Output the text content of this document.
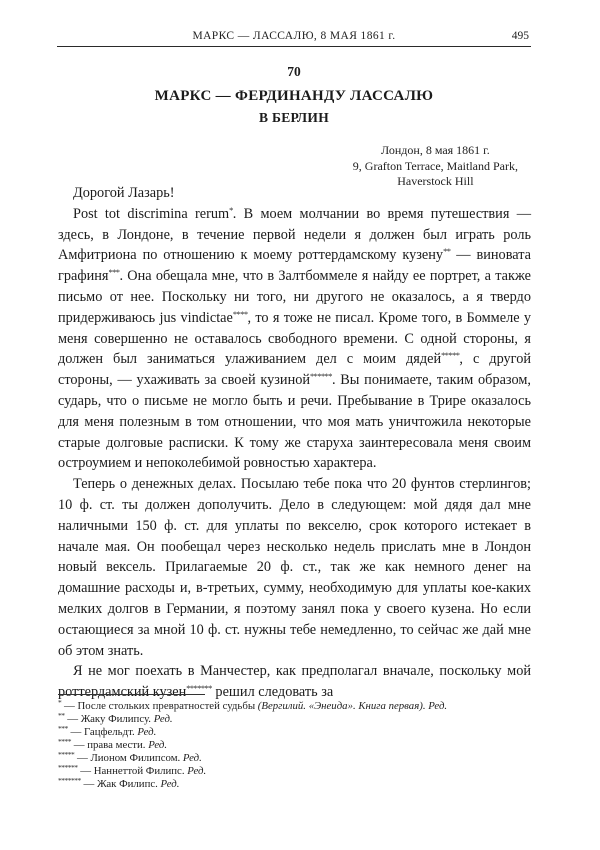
МАРКС — ЛАССАЛЮ, 8 МАЯ 1861 г.	495
70
МАРКС — ФЕРДИНАНДУ ЛАССАЛЮ
В БЕРЛИН
Лондон, 8 мая 1861 г.
9, Grafton Terrace, Maitland Park,
Haverstock Hill

Дорогой Лазарь!

Post tot discrimina rerum*. В моем молчании во время путешествия — здесь, в Лондоне, в течение первой недели я должен был играть роль Амфитриона по отношению к моему роттердамскому кузену** — виновата графиня***. Она обещала мне, что в Залтбоммеле я найду ее портрет, а также письмо от нее. Поскольку ни того, ни другого не оказалось, а я твердо придерживаюсь jus vindictae****, то я тоже не писал. Кроме того, в Боммеле у меня совершенно не оставалось свободного времени. С одной стороны, я должен был заниматься улаживанием дел с моим дядей*****, с другой стороны, — ухаживать за своей кузиной******. Вы понимаете, таким образом, сударь, что о письме не могло быть и речи. Пребывание в Трире оказалось для меня полезным в том отношении, что моя мать уничтожила некоторые старые долговые расписки. К тому же старуха заинтересовала меня своим остроумием и непоколебимой ровностью характера.

Теперь о денежных делах. Посылаю тебе пока что 20 фунтов стерлингов; 10 ф. ст. ты должен дополучить. Дело в следующем: мой дядя дал мне наличными 150 ф. ст. для уплаты по векселю, срок которого истекает в начале мая. Он пообещал через несколько недель прислать мне в Лондон новый вексель. Прилагаемые 20 ф. ст., так же как немного денег на домашние расходы и, в-третьих, сумму, необходимую для уплаты кое-каких мелких долгов в Германии, я поэтому занял пока у своего кузена. Но если остающиеся за мной 10 ф. ст. нужны тебе немедленно, то сейчас же дай мне об этом знать.

Я не мог поехать в Манчестер, как предполагал вначале, поскольку мой роттердамский кузен******* решил следовать за

* — После стольких превратностей судьбы (Вергилий. «Энеида». Книга первая). Ред.
** — Жаку Филипсу. Ред.
*** — Гацфельдт. Ред.
**** — права мести. Ред.
***** — Лионом Филипсом. Ред.
****** — Наннеттой Филипс. Ред.
******* — Жак Филипс. Ред.
